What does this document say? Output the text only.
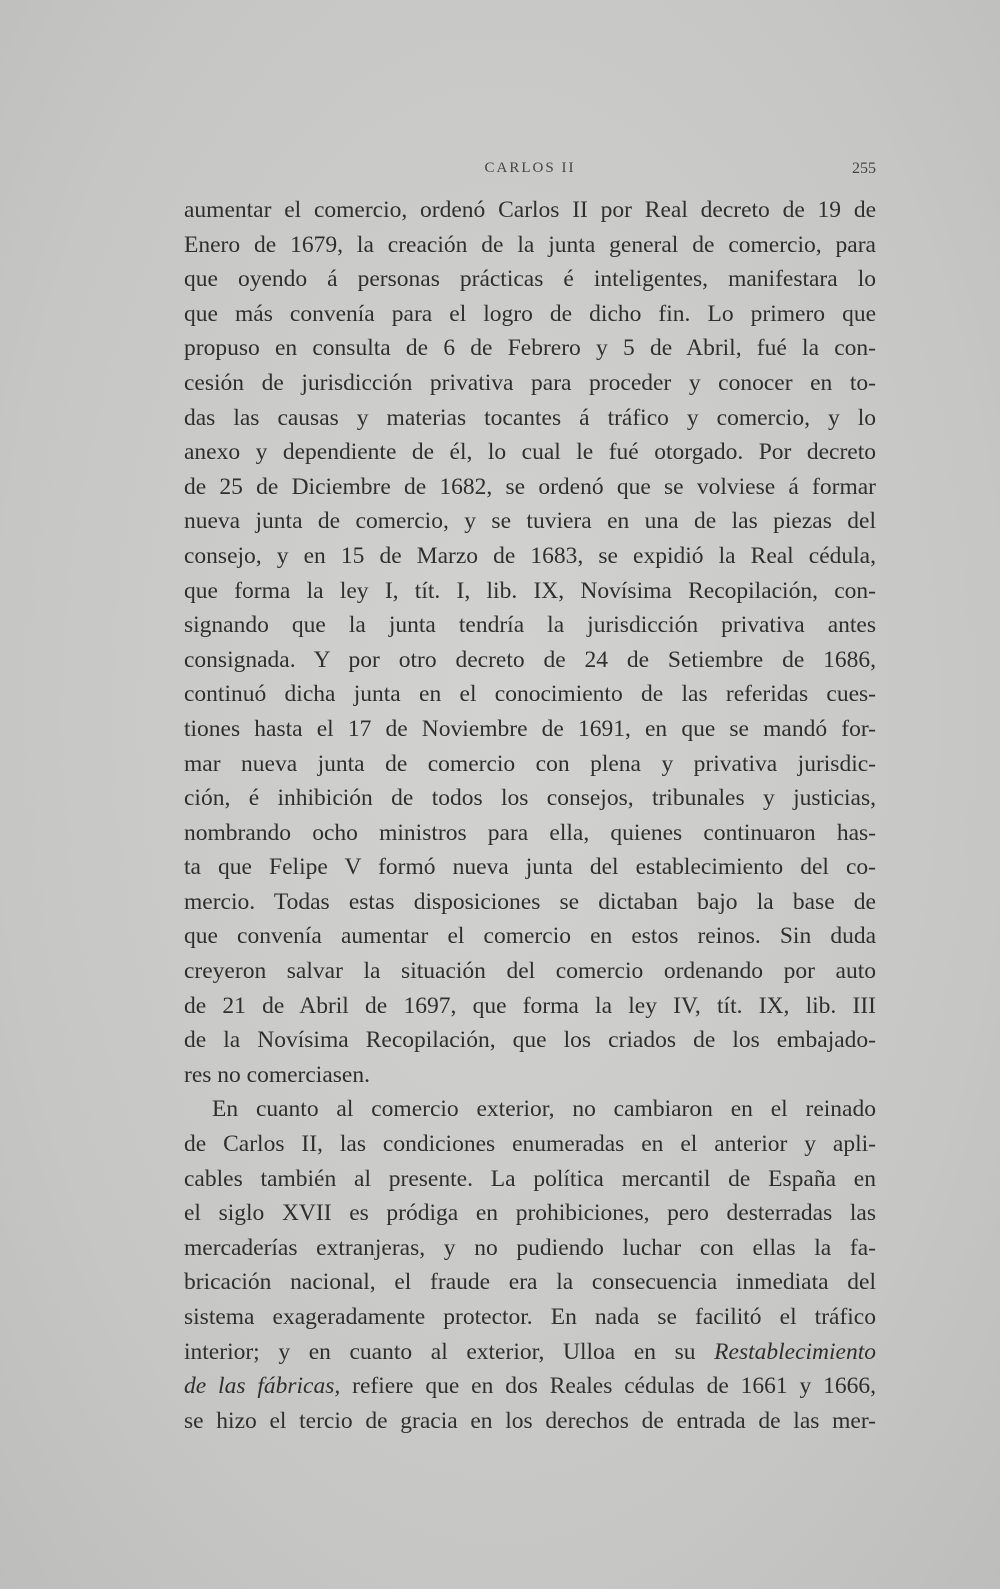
CARLOS II	255
aumentar el comercio, ordenó Carlos II por Real decreto de 19 de
Enero de 1679, la creación de la junta general de comercio, para
que oyendo á personas prácticas é inteligentes, manifestara lo
que más convenía para el logro de dicho fin. Lo primero que
propuso en consulta de 6 de Febrero y 5 de Abril, fué la con-
cesión de jurisdicción privativa para proceder y conocer en to-
das las causas y materias tocantes á tráfico y comercio, y lo
anexo y dependiente de él, lo cual le fué otorgado. Por decreto
de 25 de Diciembre de 1682, se ordenó que se volviese á formar
nueva junta de comercio, y se tuviera en una de las piezas del
consejo, y en 15 de Marzo de 1683, se expidió la Real cédula,
que forma la ley I, tít. I, lib. IX, Novísima Recopilación, con-
signando que la junta tendría la jurisdicción privativa antes
consignada. Y por otro decreto de 24 de Setiembre de 1686,
continuó dicha junta en el conocimiento de las referidas cues-
tiones hasta el 17 de Noviembre de 1691, en que se mandó for-
mar nueva junta de comercio con plena y privativa jurisdic-
ción, é inhibición de todos los consejos, tribunales y justicias,
nombrando ocho ministros para ella, quienes continuaron has-
ta que Felipe V formó nueva junta del establecimiento del co-
mercio. Todas estas disposiciones se dictaban bajo la base de
que convenía aumentar el comercio en estos reinos. Sin duda
creyeron salvar la situación del comercio ordenando por auto
de 21 de Abril de 1697, que forma la ley IV, tít. IX, lib. III
de la Novísima Recopilación, que los criados de los embajado-
res no comerciasen.
En cuanto al comercio exterior, no cambiaron en el reinado
de Carlos II, las condiciones enumeradas en el anterior y apli-
cables también al presente. La política mercantil de España en
el siglo XVII es pródiga en prohibiciones, pero desterradas las
mercaderías extranjeras, y no pudiendo luchar con ellas la fa-
bricación nacional, el fraude era la consecuencia inmediata del
sistema exageradamente protector. En nada se facilitó el tráfico
interior; y en cuanto al exterior, Ulloa en su Restablecimiento
de las fábricas, refiere que en dos Reales cédulas de 1661 y 1666,
se hizo el tercio de gracia en los derechos de entrada de las mer-
